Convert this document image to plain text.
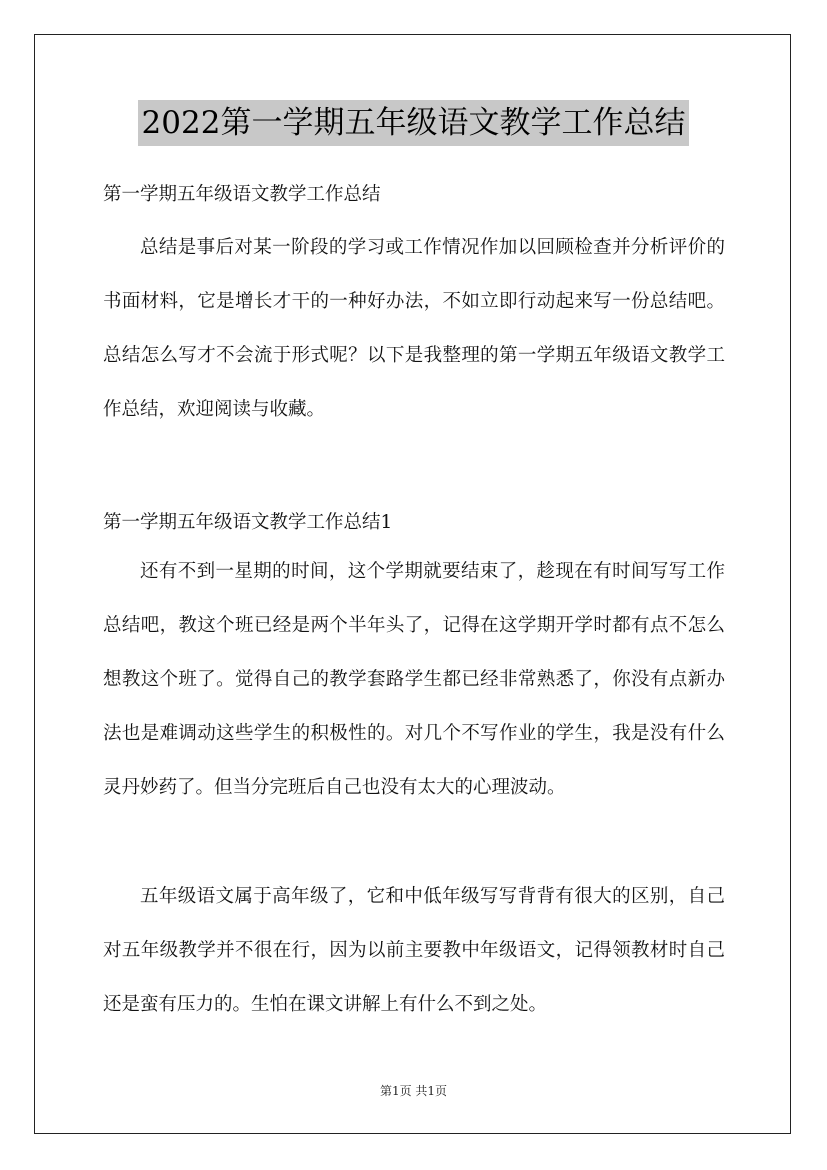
2022第一学期五年级语文教学工作总结
第一学期五年级语文教学工作总结
总结是事后对某一阶段的学习或工作情况作加以回顾检查并分析评价的书面材料，它是增长才干的一种好办法，不如立即行动起来写一份总结吧。总结怎么写才不会流于形式呢？以下是我整理的第一学期五年级语文教学工作总结，欢迎阅读与收藏。
第一学期五年级语文教学工作总结1
还有不到一星期的时间，这个学期就要结束了，趁现在有时间写写工作总结吧，教这个班已经是两个半年头了，记得在这学期开学时都有点不怎么想教这个班了。觉得自己的教学套路学生都已经非常熟悉了，你没有点新办法也是难调动这些学生的积极性的。对几个不写作业的学生，我是没有什么灵丹妙药了。但当分完班后自己也没有太大的心理波动。
五年级语文属于高年级了，它和中低年级写写背背有很大的区别，自己对五年级教学并不很在行，因为以前主要教中年级语文，记得领教材时自己还是蛮有压力的。生怕在课文讲解上有什么不到之处。
第1页 共1页
